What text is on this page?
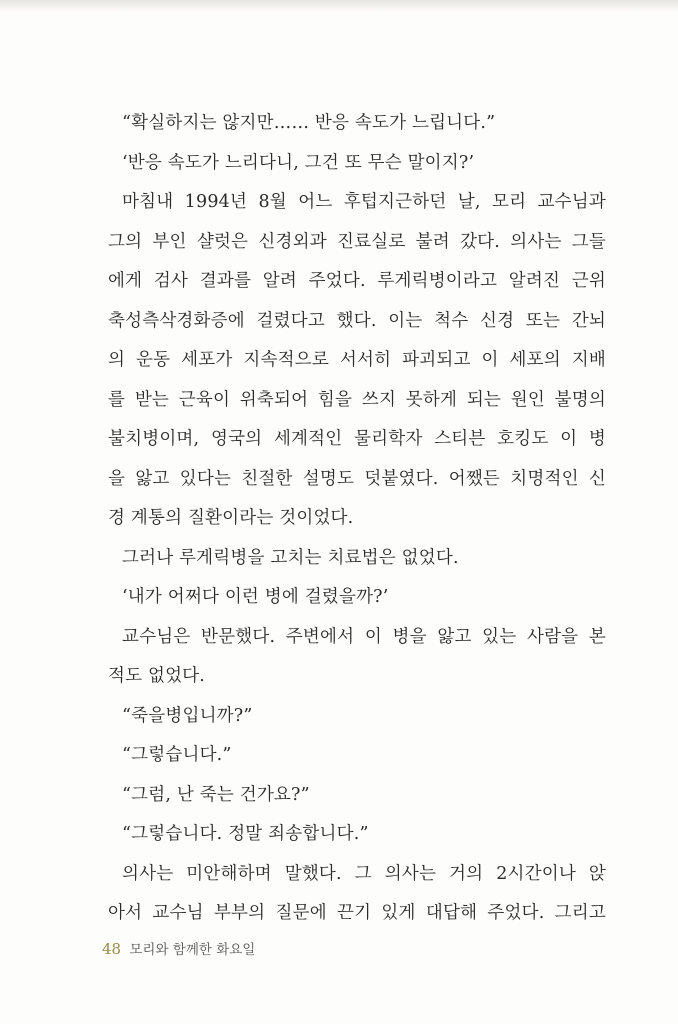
“확실하지는 않지만…… 반응 속도가 느립니다.”
‘반응 속도가 느리다니, 그건 또 무슨 말이지?’
마침내 1994년 8월 어느 후텁지근하던 날, 모리 교수님과
그의 부인 샬럿은 신경외과 진료실로 불려 갔다. 의사는 그들
에게 검사 결과를 알려 주었다. 루게릭병이라고 알려진 근위
축성측삭경화증에 걸렸다고 했다. 이는 척수 신경 또는 간뇌
의 운동 세포가 지속적으로 서서히 파괴되고 이 세포의 지배
를 받는 근육이 위축되어 힘을 쓰지 못하게 되는 원인 불명의
불치병이며, 영국의 세계적인 물리학자 스티븐 호킹도 이 병
을 앓고 있다는 친절한 설명도 덧붙였다. 어쨌든 치명적인 신
경 계통의 질환이라는 것이었다.
그러나 루게릭병을 고치는 치료법은 없었다.
‘내가 어쩌다 이런 병에 걸렸을까?’
교수님은 반문했다. 주변에서 이 병을 앓고 있는 사람을 본
적도 없었다.
“죽을병입니까?”
“그렇습니다.”
“그럼, 난 죽는 건가요?”
“그렇습니다. 정말 죄송합니다.”
의사는 미안해하며 말했다. 그 의사는 거의 2시간이나 앉
아서 교수님 부부의 질문에 끈기 있게 대답해 주었다. 그리고
48 모리와 함께한 화요일
